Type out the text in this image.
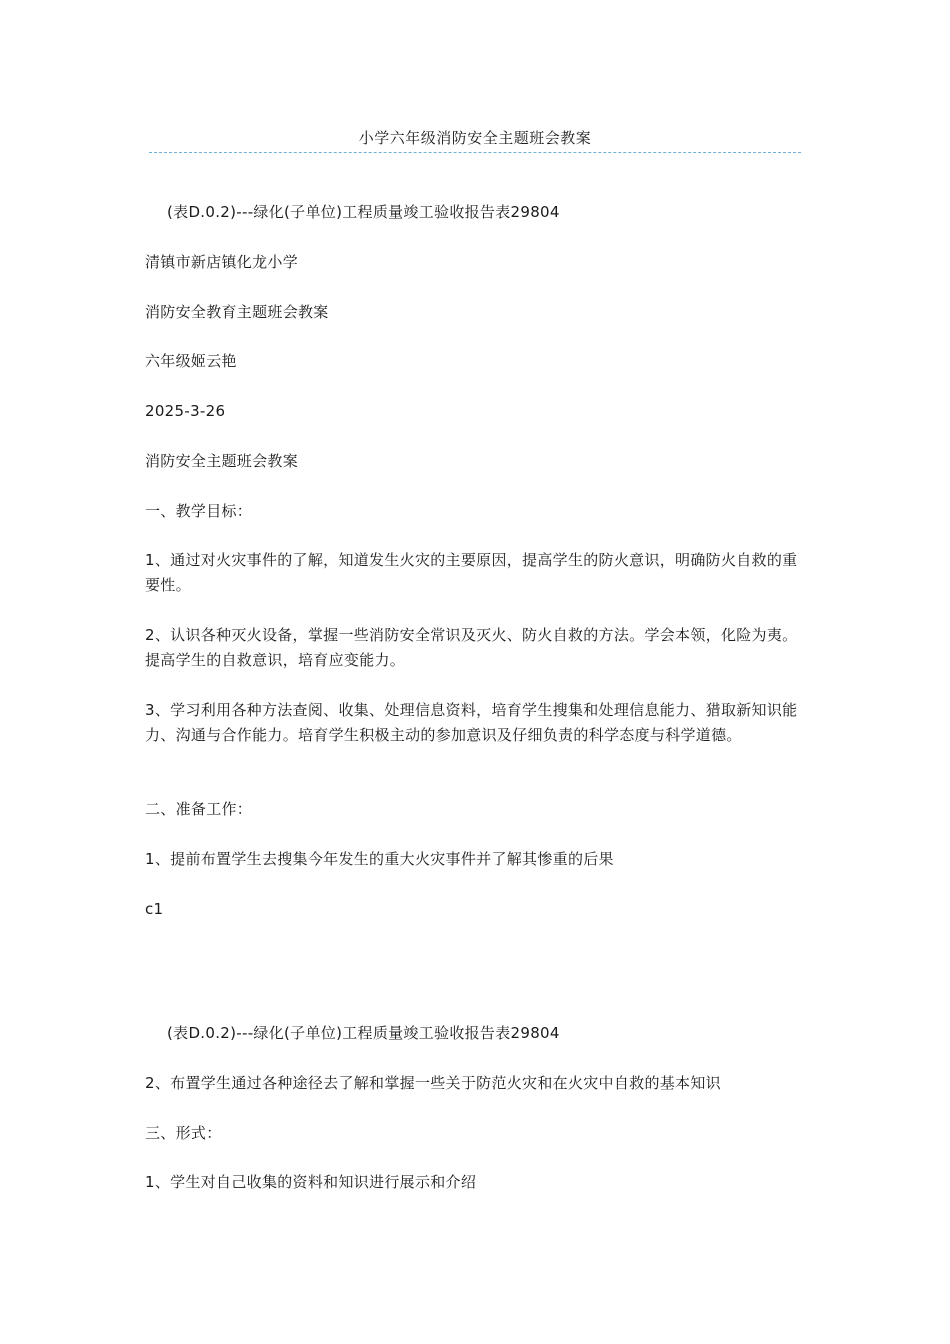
小学六年级消防安全主题班会教案

(表D.0.2)---绿化(子单位)工程质量竣工验收报告表29804

清镇市新店镇化龙小学

消防安全教育主题班会教案

六年级姬云艳

2025-3-26

消防安全主题班会教案

一、教学目标：

1、通过对火灾事件的了解，知道发生火灾的主要原因，提高学生的防火意识，明确防火自救的重要性。

2、认识各种灭火设备，掌握一些消防安全常识及灭火、防火自救的方法。学会本领，化险为夷。提高学生的自救意识，培育应变能力。

3、学习利用各种方法查阅、收集、处理信息资料，培育学生搜集和处理信息能力、猎取新知识能力、沟通与合作能力。培育学生积极主动的参加意识及仔细负责的科学态度与科学道德。

二、准备工作：

1、提前布置学生去搜集今年发生的重大火灾事件并了解其惨重的后果

c1

(表D.0.2)---绿化(子单位)工程质量竣工验收报告表29804

2、布置学生通过各种途径去了解和掌握一些关于防范火灾和在火灾中自救的基本知识

三、形式：

1、学生对自己收集的资料和知识进行展示和介绍
